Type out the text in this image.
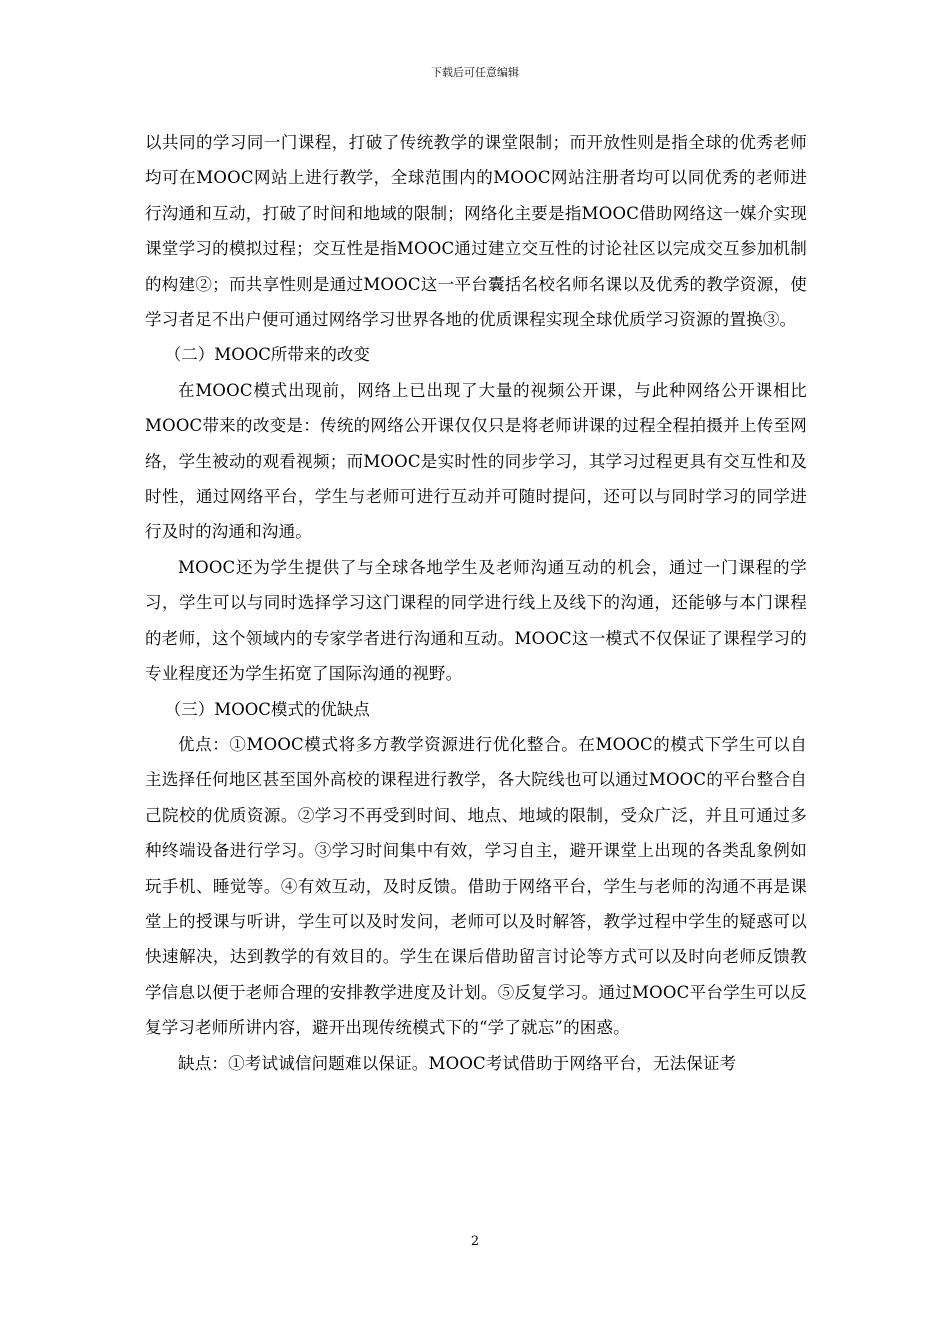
下载后可任意编辑

以共同的学习同一门课程，打破了传统教学的课堂限制；而开放性则是指全球的优秀老师均可在MOOC网站上进行教学，全球范围内的MOOC网站注册者均可以同优秀的老师进行沟通和互动，打破了时间和地域的限制；网络化主要是指MOOC借助网络这一媒介实现课堂学习的模拟过程；交互性是指MOOC通过建立交互性的讨论社区以完成交互参加机制的构建②；而共享性则是通过MOOC这一平台囊括名校名师名课以及优秀的教学资源，使学习者足不出户便可通过网络学习世界各地的优质课程实现全球优质学习资源的置换③。

（二）MOOC所带来的改变

在MOOC模式出现前，网络上已出现了大量的视频公开课，与此种网络公开课相比MOOC带来的改变是：传统的网络公开课仅仅只是将老师讲课的过程全程拍摄并上传至网络，学生被动的观看视频；而MOOC是实时性的同步学习，其学习过程更具有交互性和及时性，通过网络平台，学生与老师可进行互动并可随时提问，还可以与同时学习的同学进行及时的沟通和沟通。

MOOC还为学生提供了与全球各地学生及老师沟通互动的机会，通过一门课程的学习，学生可以与同时选择学习这门课程的同学进行线上及线下的沟通，还能够与本门课程的老师，这个领域内的专家学者进行沟通和互动。MOOC这一模式不仅保证了课程学习的专业程度还为学生拓宽了国际沟通的视野。

（三）MOOC模式的优缺点

优点：①MOOC模式将多方教学资源进行优化整合。在MOOC的模式下学生可以自主选择任何地区甚至国外高校的课程进行教学，各大院线也可以通过MOOC的平台整合自己院校的优质资源。②学习不再受到时间、地点、地域的限制，受众广泛，并且可通过多种终端设备进行学习。③学习时间集中有效，学习自主，避开课堂上出现的各类乱象例如玩手机、睡觉等。④有效互动，及时反馈。借助于网络平台，学生与老师的沟通不再是课堂上的授课与听讲，学生可以及时发问，老师可以及时解答，教学过程中学生的疑惑可以快速解决，达到教学的有效目的。学生在课后借助留言讨论等方式可以及时向老师反馈教学信息以便于老师合理的安排教学进度及计划。⑤反复学习。通过MOOC平台学生可以反复学习老师所讲内容，避开出现传统模式下的“学了就忘”的困惑。

缺点：①考试诚信问题难以保证。MOOC考试借助于网络平台，无法保证考

2
